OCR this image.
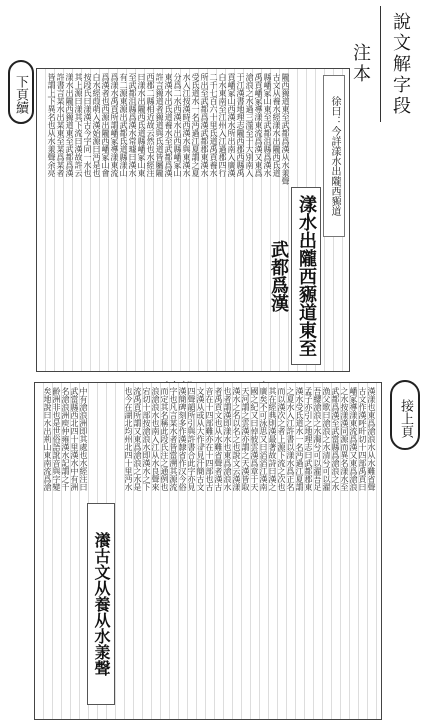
說文解字段注本
下頁續	皆謂上下異名也从水羕聲余亮 許書言某水出某東至某爲某者 漾水出隴西豲道東至武都爲漢 其上源曰漾其下流曰漢故許云 按段氏曰漾漢古今字同一水也 白水經葭萌入漢始源曰沔是也 爲漢者也西源出隴西嶓冢山會 爲漾水禹貢所謂嶓冢導漾東流 有二源東源出武都氐道縣漾山 至武都沮縣爲漢水常璩曰漢水 曰漾水出隴西氐道縣嶓冢山東 西郡二縣相近故云然也水經注 許言豲道者豲道與氐道皆屬隴 東漢水出氐道養水至武都爲漢 分爲二水西漢水出西縣嶓冢山 水入江按漢時西漢水與東漢水 受氐道水一名沔過江夏謂之夏 所出至武都爲漢武都郡東漢水 二千七百六十里氐道禹貢養水 白水東南至江州入江過郡四行 貢嶓冢山西漢水所出南入廣漢 于江漢書地理志隴西郡西縣禹 滄浪之水過三澨至于大別南入 禹貢嶓冢導漾東流爲漢又東爲 縣嶓冢山東至武都沮縣爲漢水 古文从養水經漾水出隴西氐道 隴西豲道東至武都爲漢从水羕聲
漾水出隴西豲道東至武都爲漢
徐曰：今詳漾水出隴西豲道
接上頁
矣地說曰水出荊山東南流爲滄 齡洲非也是世俗語訛音與字變 名滄浪洲庾仲雍漢水記謂之千 武當縣西北四十里漢水中有洲 中有滄浪洲即其處也水經注曰	也今在湖北均州北四十里沔水 流禹貢所謂又東爲滄浪之水是 宕切十部按滄浪水即漢水之下 浪滄浪水也南入江从水良聲來 而定其名稱此段氏注之通例也 字也凡言某水者皆當溯其源流 漢簡碑刻多作漢隸省作汉今俗 四聲韻所引與許書合此字亦見 文漢从或从大作𣸁見汗簡古文 音在十四部難亦在十四部也古 者禹貢文也从水難省聲者漢古 也者謂漢即漾水也東爲滄浪水 漢水之名以名之也說文云漢漾 天河謂之雲漢亦謂之天漢皆取 國之紀又曰倬彼雲漢爲章于天 廣矣不可泳思又曰滔滔江漢南 其在經典則漢最著故詩曰漢之 而以漢次之者上源下流之次也 之夏水入江許書以漾水爲正名 漢水受氐道水一名沔過江夏謂 孟子亦引之地理志曰武都郡東 吾纓滄浪之水濁兮可以濯吾足 漁父歌曰滄浪之水清兮可以濯 武都爲漢至武當縣爲滄浪之水 之水按漾漢同源而異名漾水至 嶓冢導漾東流爲漢又東爲滄浪 古文作漢呼旰切十四部禹貢曰 漢漾也東爲滄浪水从水難省聲
瀁古文从養从水羕聲
